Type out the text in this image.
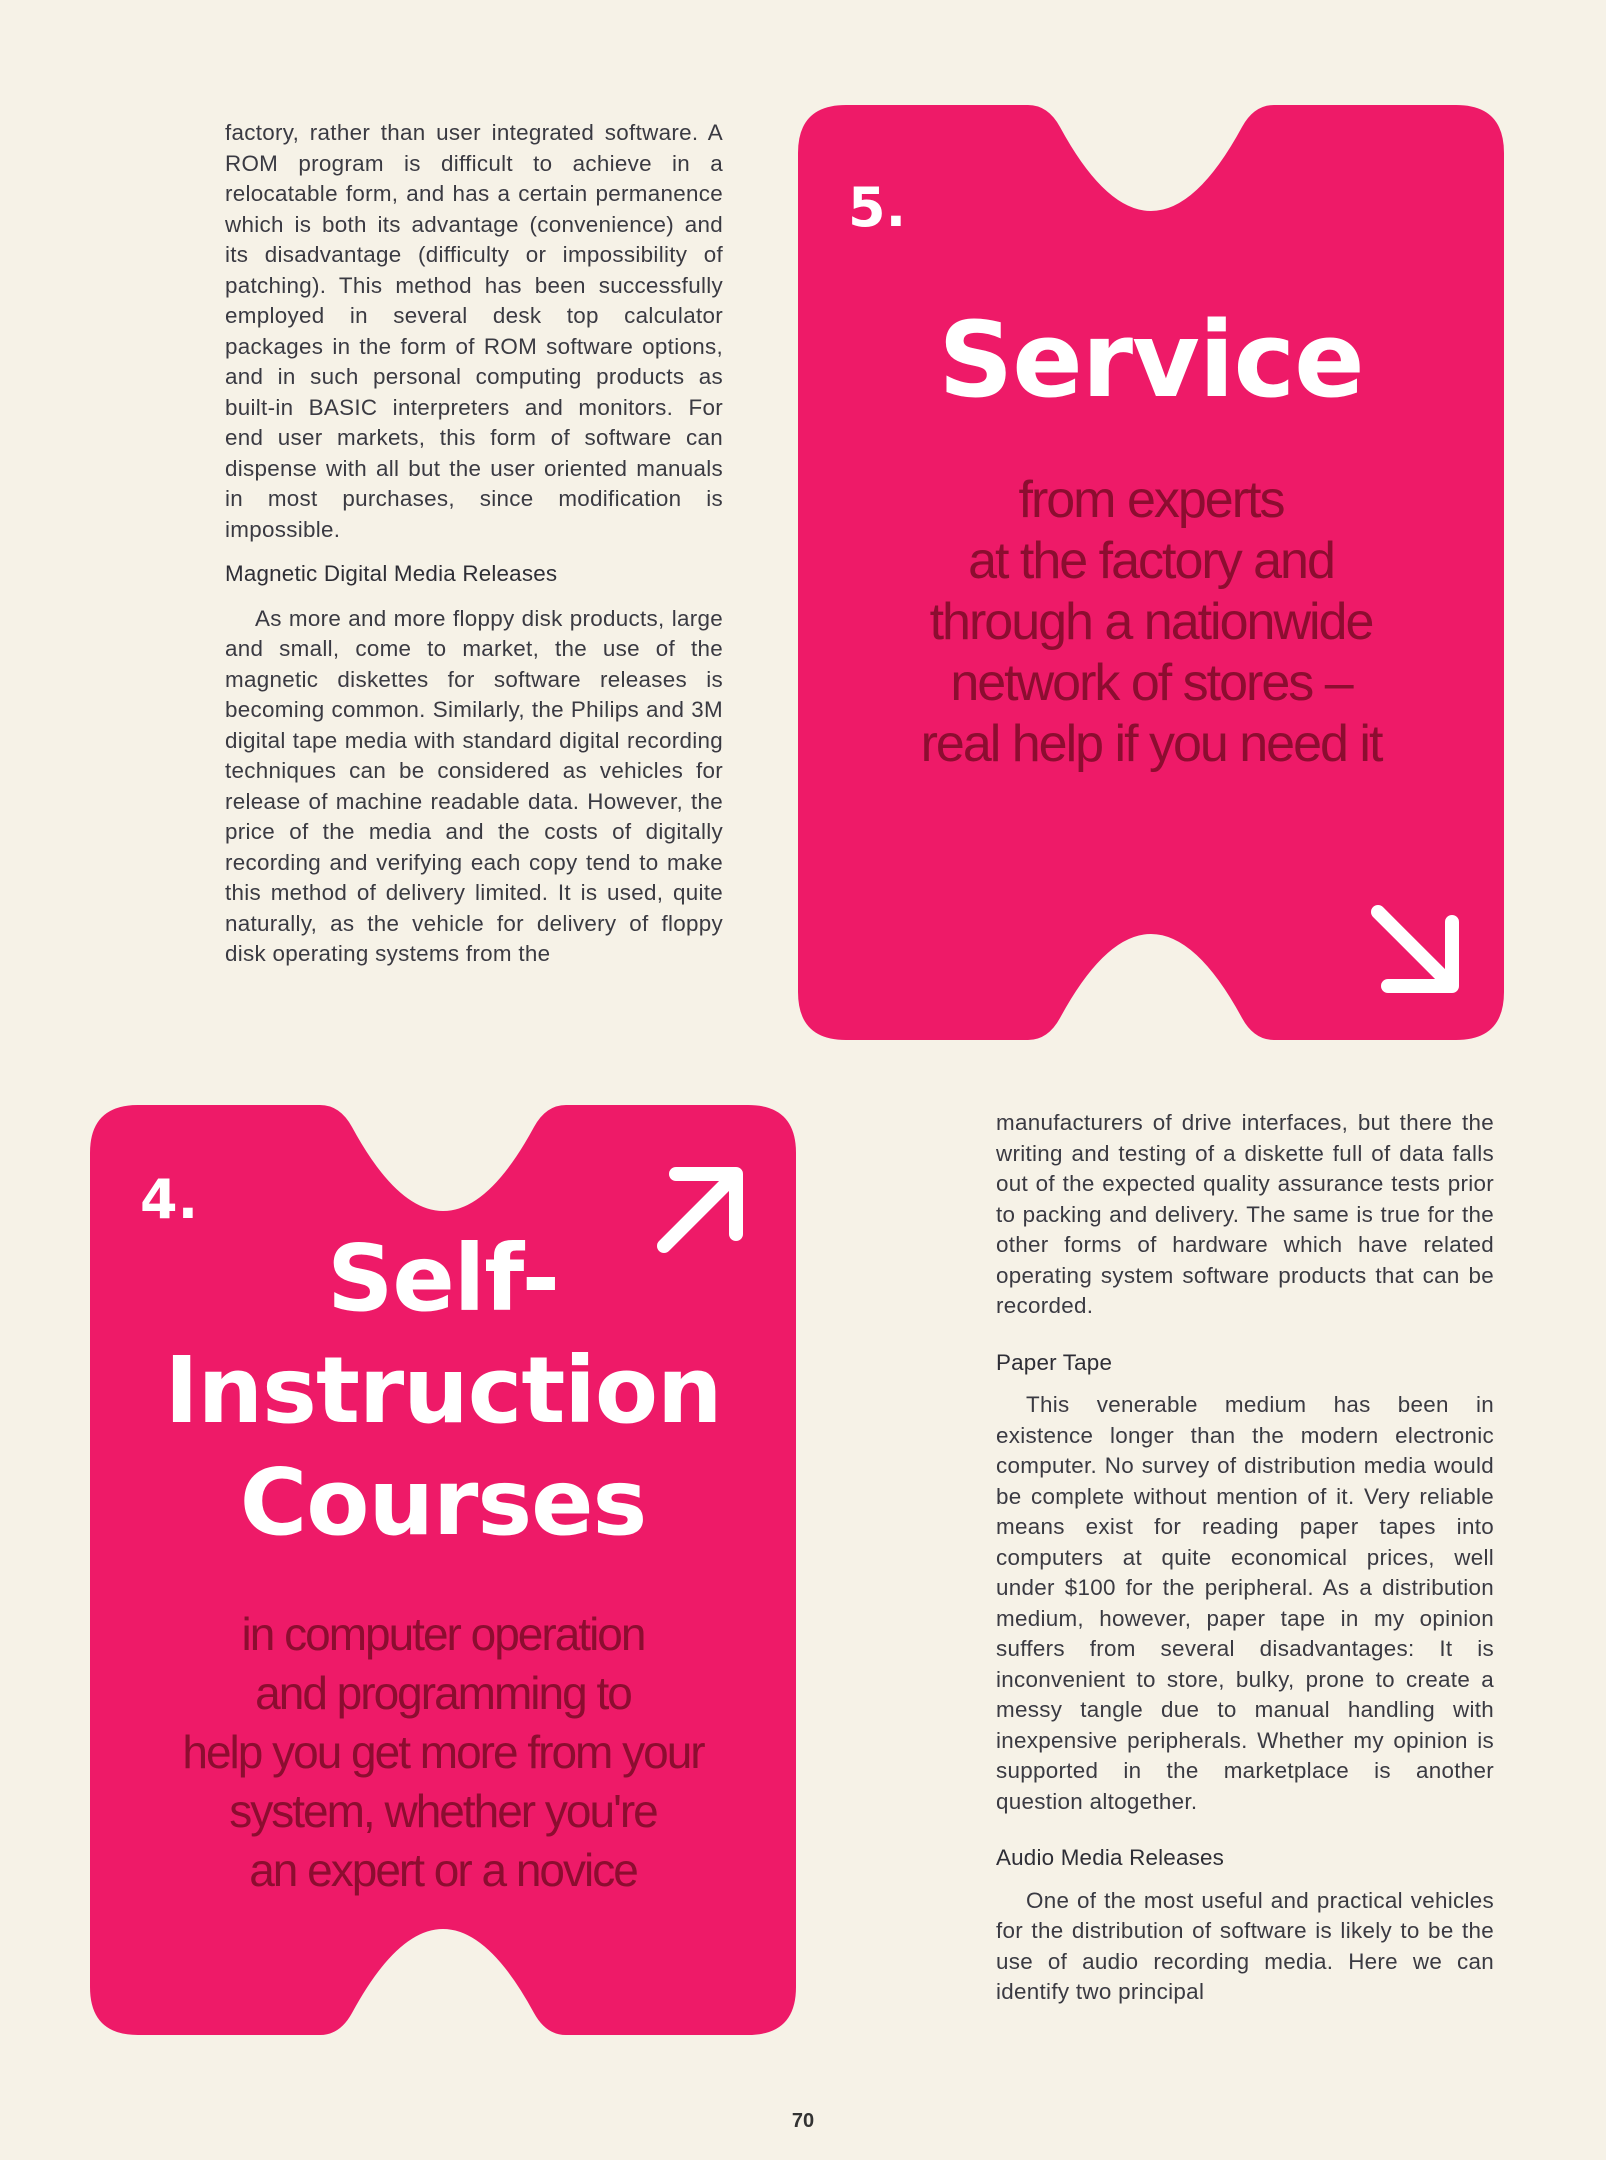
factory, rather than user integrated software. A ROM program is difficult to achieve in a relocatable form, and has a certain permanence which is both its advantage (convenience) and its disadvantage (difficulty or impossibility of patching). This method has been successfully employed in several desk top calculator packages in the form of ROM software options, and in such personal computing products as built-in BASIC interpreters and monitors. For end user markets, this form of software can dispense with all but the user oriented manuals in most purchases, since modification is impossible.

Magnetic Digital Media Releases

As more and more floppy disk products, large and small, come to market, the use of the magnetic diskettes for software releases is becoming common. Similarly, the Philips and 3M digital tape media with standard digital recording techniques can be considered as vehicles for release of machine readable data. However, the price of the media and the costs of digitally recording and verifying each copy tend to make this method of delivery limited. It is used, quite naturally, as the vehicle for delivery of floppy disk operating systems from the

5.
Service
from experts
at the factory and
through a nationwide
network of stores –
real help if you need it
4.
Self-
Instruction
Courses
in computer operation
and programming to
help you get more from your
system, whether you're
an expert or a novice

manufacturers of drive interfaces, but there the writing and testing of a diskette full of data falls out of the expected quality assurance tests prior to packing and delivery. The same is true for the other forms of hardware which have related operating system software products that can be recorded.

Paper Tape

This venerable medium has been in existence longer than the modern electronic computer. No survey of distribution media would be complete without mention of it. Very reliable means exist for reading paper tapes into computers at quite economical prices, well under $100 for the peripheral. As a distribution medium, however, paper tape in my opinion suffers from several disadvantages: It is inconvenient to store, bulky, prone to create a messy tangle due to manual handling with inexpensive peripherals. Whether my opinion is supported in the marketplace is another question altogether.

Audio Media Releases

One of the most useful and practical vehicles for the distribution of software is likely to be the use of audio recording media. Here we can identify two principal

70
